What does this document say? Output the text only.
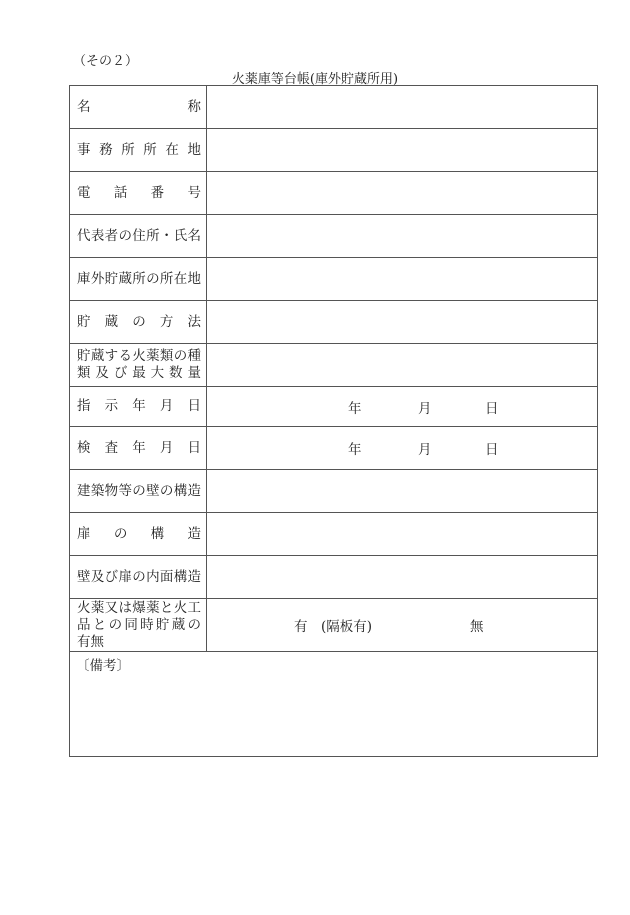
（その２）
火薬庫等台帳(庫外貯蔵所用)
名	称
事 務 所 所 在 地
電 話 番 号
代 表 者 の 住 所 ・ 氏 名
庫 外 貯 蔵 所 の 所 在 地
貯 蔵 の 方 法
貯 蔵 す る 火 薬 類 の 種
類 及 び 最 大 数 量
指 示 年 月 日	年	月	日
検 査 年 月 日	年	月	日
建 築 物 等 の 壁 の 構 造
扉 の 構 造
壁 及 び 扉 の 内 面 構 造
火 薬 又 は 爆 薬 と 火 工
品 と の 同 時 貯 蔵 の
有 無
有　(隔板有)	無
〔備考〕
